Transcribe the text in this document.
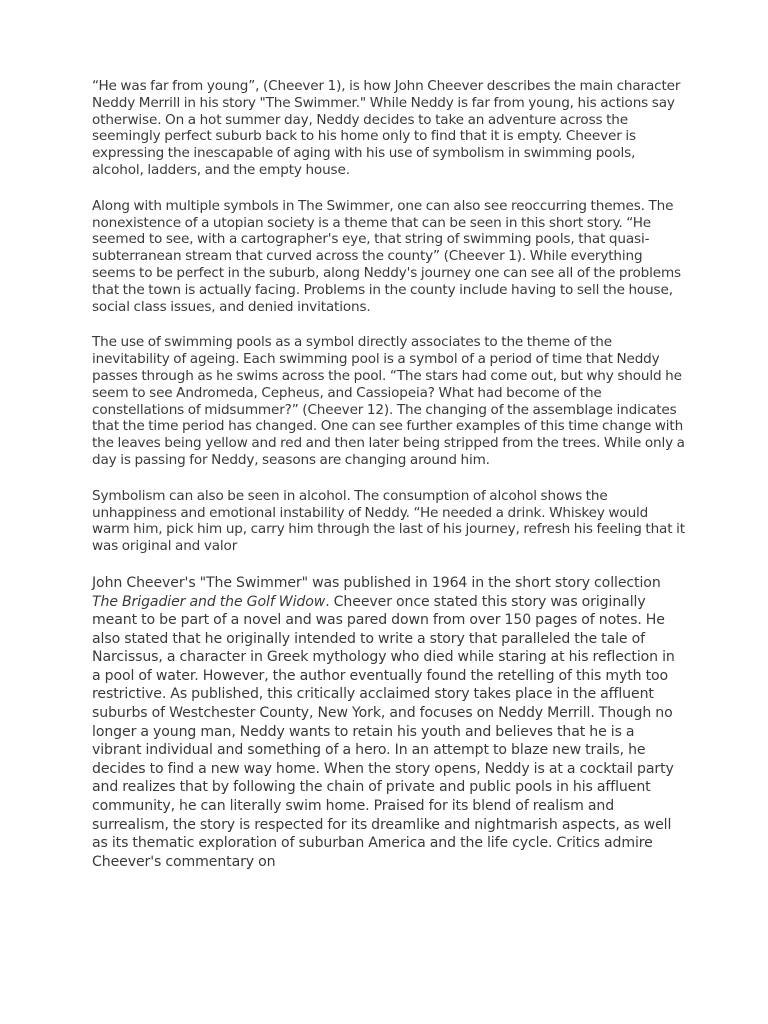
“He was far from young”, (Cheever 1), is how John Cheever describes the main character Neddy Merrill in his story "The Swimmer." While Neddy is far from young, his actions say otherwise. On a hot summer day, Neddy decides to take an adventure across the seemingly perfect suburb back to his home only to find that it is empty. Cheever is expressing the inescapable of aging with his use of symbolism in swimming pools, alcohol, ladders, and the empty house.

Along with multiple symbols in The Swimmer, one can also see reoccurring themes. The nonexistence of a utopian society is a theme that can be seen in this short story. “He seemed to see, with a cartographer's eye, that string of swimming pools, that quasi-subterranean stream that curved across the county” (Cheever 1). While everything seems to be perfect in the suburb, along Neddy's journey one can see all of the problems that the town is actually facing. Problems in the county include having to sell the house, social class issues, and denied invitations.

The use of swimming pools as a symbol directly associates to the theme of the inevitability of ageing. Each swimming pool is a symbol of a period of time that Neddy passes through as he swims across the pool. “The stars had come out, but why should he seem to see Andromeda, Cepheus, and Cassiopeia? What had become of the constellations of midsummer?” (Cheever 12). The changing of the assemblage indicates that the time period has changed. One can see further examples of this time change with the leaves being yellow and red and then later being stripped from the trees. While only a day is passing for Neddy, seasons are changing around him.

Symbolism can also be seen in alcohol. The consumption of alcohol shows the unhappiness and emotional instability of Neddy. “He needed a drink. Whiskey would warm him, pick him up, carry him through the last of his journey, refresh his feeling that it was original and valor

John Cheever's "The Swimmer" was published in 1964 in the short story collection The Brigadier and the Golf Widow. Cheever once stated this story was originally meant to be part of a novel and was pared down from over 150 pages of notes. He also stated that he originally intended to write a story that paralleled the tale of Narcissus, a character in Greek mythology who died while staring at his reflection in a pool of water. However, the author eventually found the retelling of this myth too restrictive. As published, this critically acclaimed story takes place in the affluent suburbs of Westchester County, New York, and focuses on Neddy Merrill. Though no longer a young man, Neddy wants to retain his youth and believes that he is a vibrant individual and something of a hero. In an attempt to blaze new trails, he decides to find a new way home. When the story opens, Neddy is at a cocktail party and realizes that by following the chain of private and public pools in his affluent community, he can literally swim home. Praised for its blend of realism and surrealism, the story is respected for its dreamlike and nightmarish aspects, as well as its thematic exploration of suburban America and the life cycle. Critics admire Cheever's commentary on
